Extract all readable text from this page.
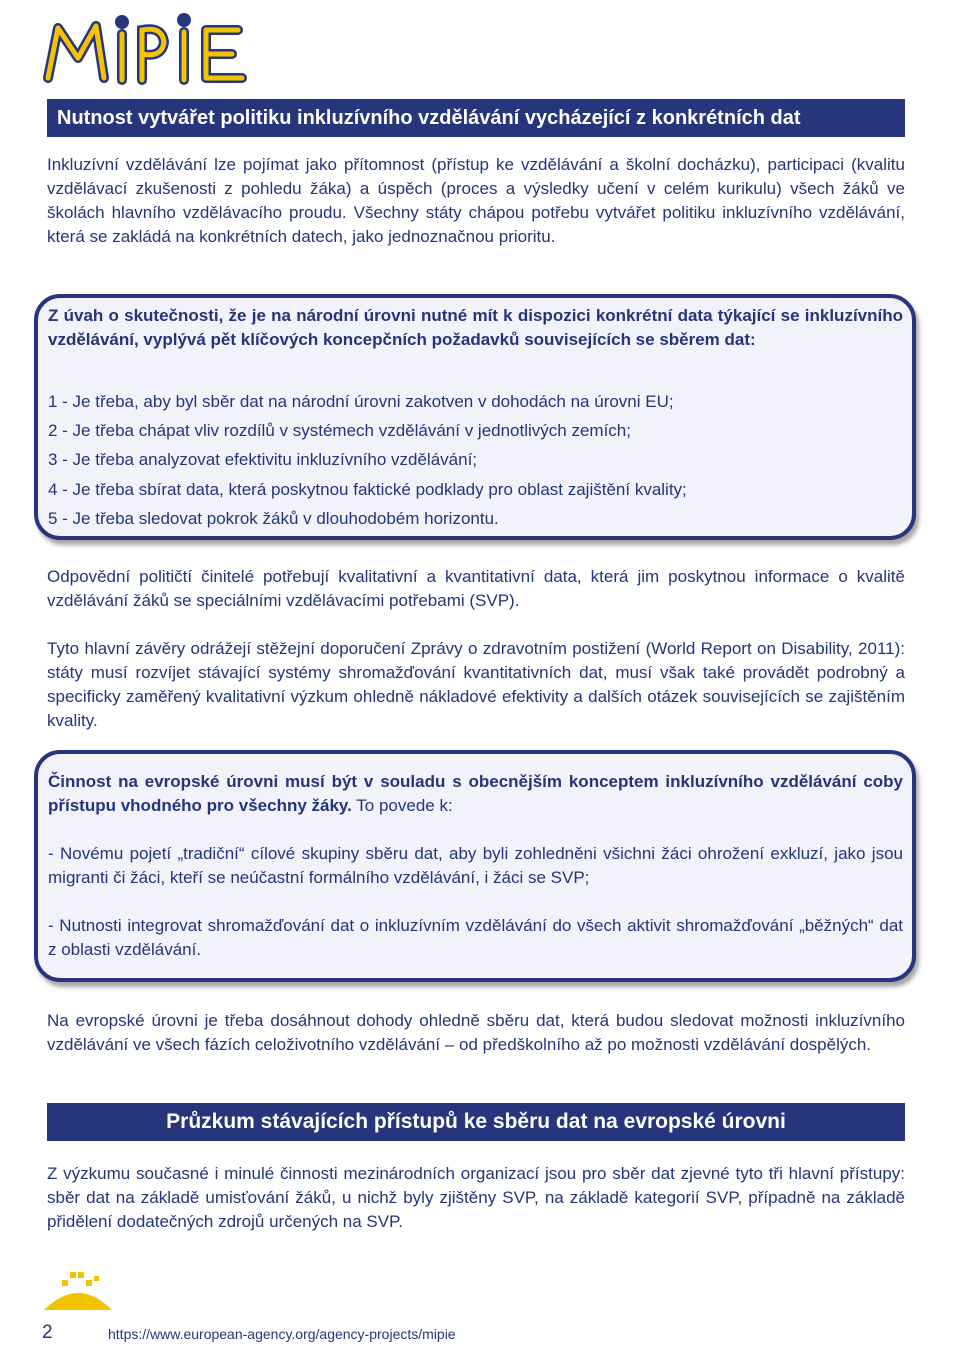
Nutnost vytvářet politiku inkluzívního vzdělávání vycházející z konkrétních dat
Inkluzívní vzdělávání lze pojímat jako přítomnost (přístup ke vzdělávání a školní docházku), participaci (kvalitu vzdělávací zkušenosti z pohledu žáka) a úspěch (proces a výsledky učení v celém kurikulu) všech žáků ve školách hlavního vzdělávacího proudu. Všechny státy chápou potřebu vytvářet politiku inkluzívního vzdělávání, která se zakládá na konkrétních datech, jako jednoznačnou prioritu.
Z úvah o skutečnosti, že je na národní úrovni nutné mít k dispozici konkrétní data týkající se inkluzívního vzdělávání, vyplývá pět klíčových koncepčních požadavků souvisejících se sběrem dat:
1 - Je třeba, aby byl sběr dat na národní úrovni zakotven v dohodách na úrovni EU;
2 - Je třeba chápat vliv rozdílů v systémech vzdělávání v jednotlivých zemích;
3 - Je třeba analyzovat efektivitu inkluzívního vzdělávání;
4 - Je třeba sbírat data, která poskytnou faktické podklady pro oblast zajištění kvality;
5 - Je třeba sledovat pokrok žáků v dlouhodobém horizontu.
Odpovědní političtí činitelé potřebují kvalitativní a kvantitativní data, která jim poskytnou informace o kvalitě vzdělávání žáků se speciálními vzdělávacími potřebami (SVP).
Tyto hlavní závěry odrážejí stěžejní doporučení Zprávy o zdravotním postižení (World Report on Disability, 2011): státy musí rozvíjet stávající systémy shromažďování kvantitativních dat, musí však také provádět podrobný a specificky zaměřený kvalitativní výzkum ohledně nákladové efektivity a dalších otázek souvisejících se zajištěním kvality.
Činnost na evropské úrovni musí být v souladu s obecnějším konceptem inkluzívního vzdělávání coby přístupu vhodného pro všechny žáky. To povede k:
- Novému pojetí „tradiční“ cílové skupiny sběru dat, aby byli zohledněni všichni žáci ohrožení exkluzí, jako jsou migranti či žáci, kteří se neúčastní formálního vzdělávání, i žáci se SVP;
- Nutnosti integrovat shromažďování dat o inkluzívním vzdělávání do všech aktivit shromažďování „běžných“ dat z oblasti vzdělávání.
Na evropské úrovni je třeba dosáhnout dohody ohledně sběru dat, která budou sledovat možnosti inkluzívního vzdělávání ve všech fázích celoživotního vzdělávání – od předškolního až po možnosti vzdělávání dospělých.
Průzkum stávajících přístupů ke sběru dat na evropské úrovni
Z výzkumu současné i minulé činnosti mezinárodních organizací jsou pro sběr dat zjevné tyto tři hlavní přístupy: sběr dat na základě umisťování žáků, u nichž byly zjištěny SVP, na základě kategorií SVP, případně na základě přidělení dodatečných zdrojů určených na SVP.
2	https://www.european-agency.org/agency-projects/mipie
